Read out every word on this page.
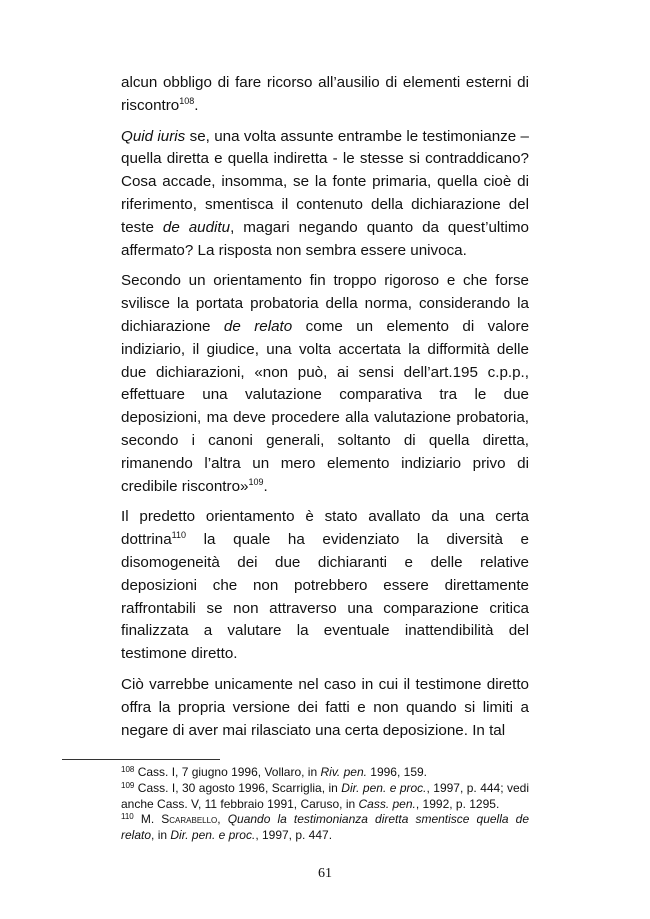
alcun obbligo di fare ricorso all’ausilio di elementi esterni di riscontro$^{108}$.

Quid iuris se, una volta assunte entrambe le testimonianze – quella diretta e quella indiretta - le stesse si contraddicano? Cosa accade, insomma, se la fonte primaria, quella cioè di riferimento, smentisca il contenuto della dichiarazione del teste de auditu, magari negando quanto da quest’ultimo affermato? La risposta non sembra essere univoca.

Secondo un orientamento fin troppo rigoroso e che forse svilisce la portata probatoria della norma, considerando la dichiarazione de relato come un elemento di valore indiziario, il giudice, una volta accertata la difformità delle due dichiarazioni, «non può, ai sensi dell’art.195 c.p.p., effettuare una valutazione comparativa tra le due deposizioni, ma deve procedere alla valutazione probatoria, secondo i canoni generali, soltanto di quella diretta, rimanendo l’altra un mero elemento indiziario privo di credibile riscontro»$^{109}$.

Il predetto orientamento è stato avallato da una certa dottrina$^{110}$ la quale ha evidenziato la diversità e disomogeneità dei due dichiaranti e delle relative deposizioni che non potrebbero essere direttamente raffrontabili se non attraverso una comparazione critica finalizzata a valutare la eventuale inattendibilità del testimone diretto.

Ciò varrebbe unicamente nel caso in cui il testimone diretto offra la propria versione dei fatti e non quando si limiti a negare di aver mai rilasciato una certa deposizione. In tal

$^{108}$ Cass. I, 7 giugno 1996, Vollaro, in Riv. pen. 1996, 159.

$^{109}$ Cass. I, 30 agosto 1996, Scarriglia, in Dir. pen. e proc., 1997, p. 444; vedi anche Cass. V, 11 febbraio 1991, Caruso, in Cass. pen., 1992, p. 1295.

$^{110}$ M. Scarabello, Quando la testimonianza diretta smentisce quella de relato, in Dir. pen. e proc., 1997, p. 447.

61
